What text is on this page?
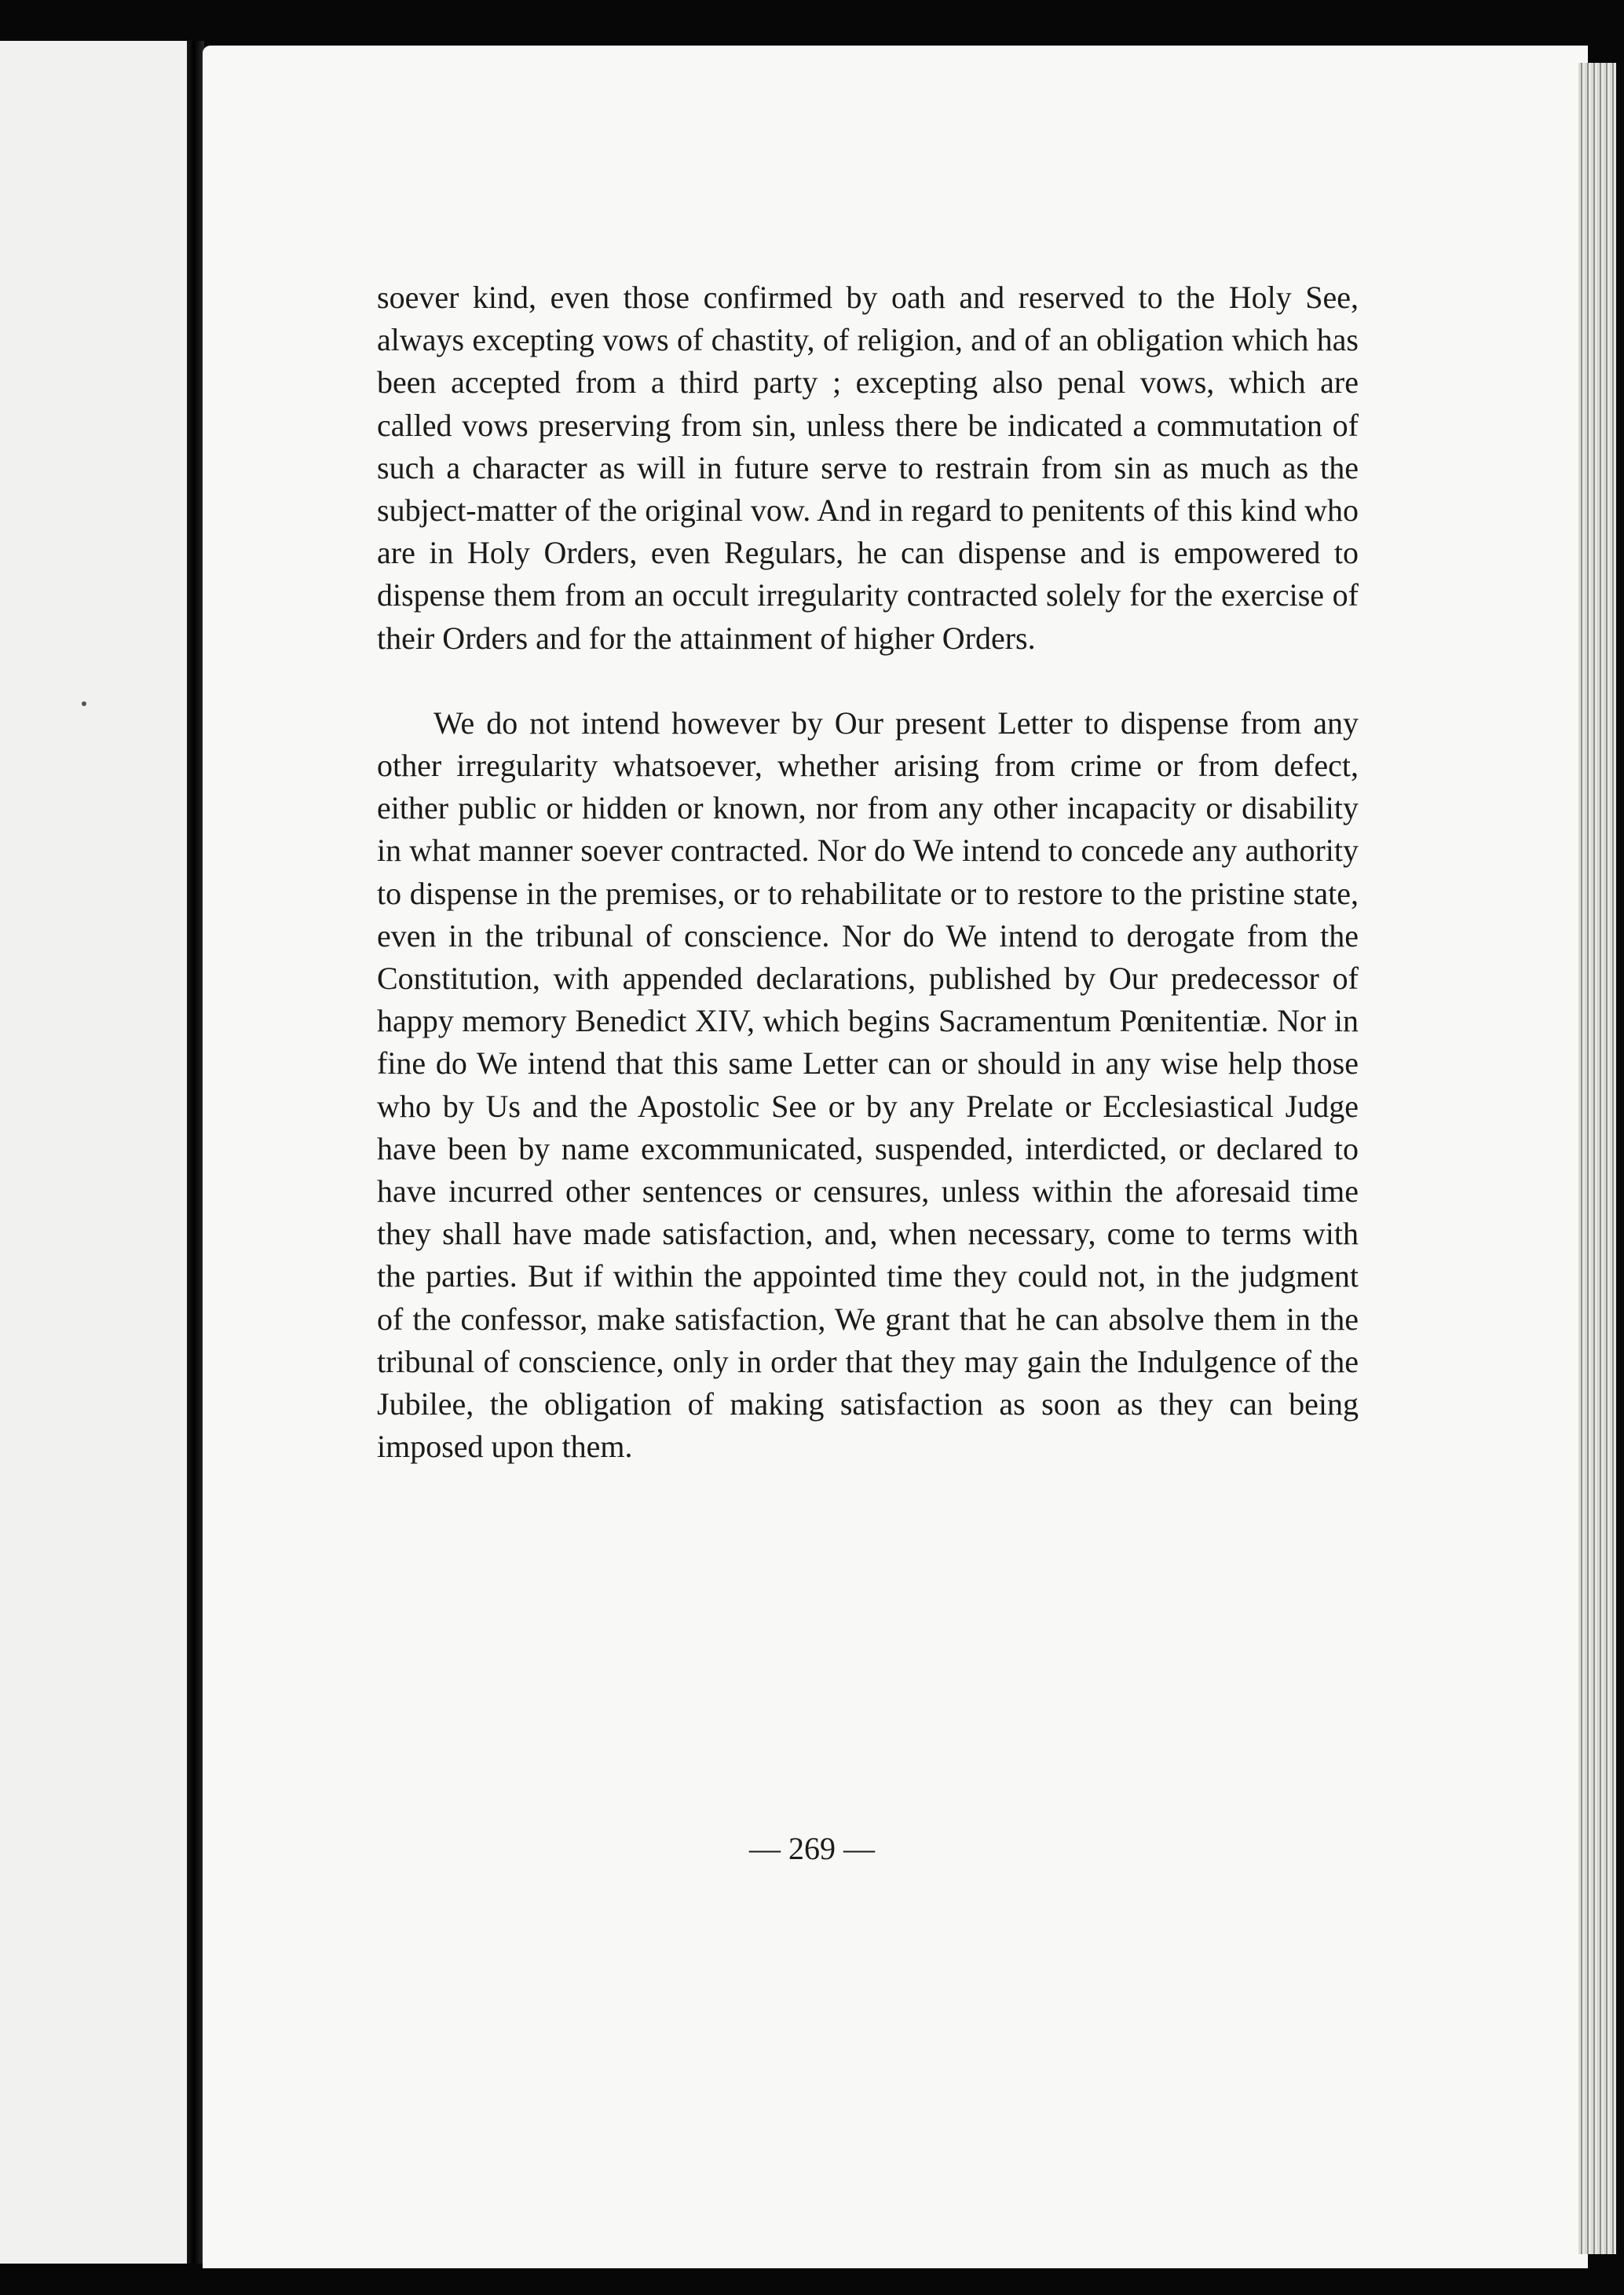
soever kind, even those confirmed by oath and reserved to the Holy See, always excepting vows of chastity, of religion, and of an obligation which has been accepted from a third party ; excepting also penal vows, which are called vows preserving from sin, unless there be indicated a commutation of such a character as will in future serve to restrain from sin as much as the subject-matter of the original vow. And in regard to penitents of this kind who are in Holy Orders, even Regulars, he can dispense and is empowered to dispense them from an occult irregularity contracted solely for the exercise of their Orders and for the attainment of higher Orders.

We do not intend however by Our present Letter to dispense from any other irregularity whatsoever, whether arising from crime or from defect, either public or hidden or known, nor from any other incapacity or disability in what manner soever contracted. Nor do We intend to concede any authority to dispense in the premises, or to rehabilitate or to restore to the pristine state, even in the tribunal of conscience. Nor do We intend to derogate from the Constitution, with appended declarations, published by Our predecessor of happy memory Benedict XIV, which begins Sacramentum Pœnitentiæ. Nor in fine do We intend that this same Letter can or should in any wise help those who by Us and the Apostolic See or by any Prelate or Ecclesiastical Judge have been by name excommunicated, suspended, interdicted, or declared to have incurred other sentences or censures, unless within the aforesaid time they shall have made satisfaction, and, when necessary, come to terms with the parties. But if within the appointed time they could not, in the judgment of the confessor, make satisfaction, We grant that he can absolve them in the tribunal of conscience, only in order that they may gain the Indulgence of the Jubilee, the obligation of making satisfaction as soon as they can being imposed upon them.

— 269 —
